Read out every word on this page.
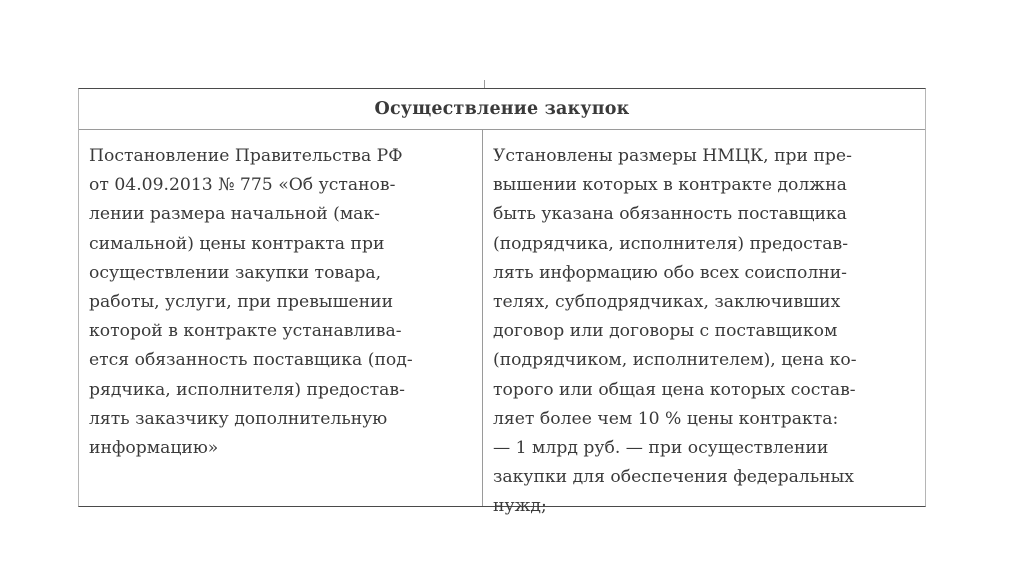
Осуществление закупок
Постановление Правительства РФ
от 04.09.2013 № 775 «Об установ-
лении размера начальной (мак-
симальной) цены контракта при
осуществлении закупки товара,
работы, услуги, при превышении
которой в контракте устанавлива-
ется обязанность поставщика (под-
рядчика, исполнителя) предостав-
лять заказчику дополнительную
информацию»
Установлены размеры НМЦК, при пре-
вышении которых в контракте должна
быть указана обязанность поставщика
(подрядчика, исполнителя) предостав-
лять информацию обо всех соисполни-
телях, субподрядчиках, заключивших
договор или договоры с поставщиком
(подрядчиком, исполнителем), цена ко-
торого или общая цена которых состав-
ляет более чем 10 % цены контракта:
— 1 млрд руб. — при осуществлении
закупки для обеспечения федеральных
нужд;
